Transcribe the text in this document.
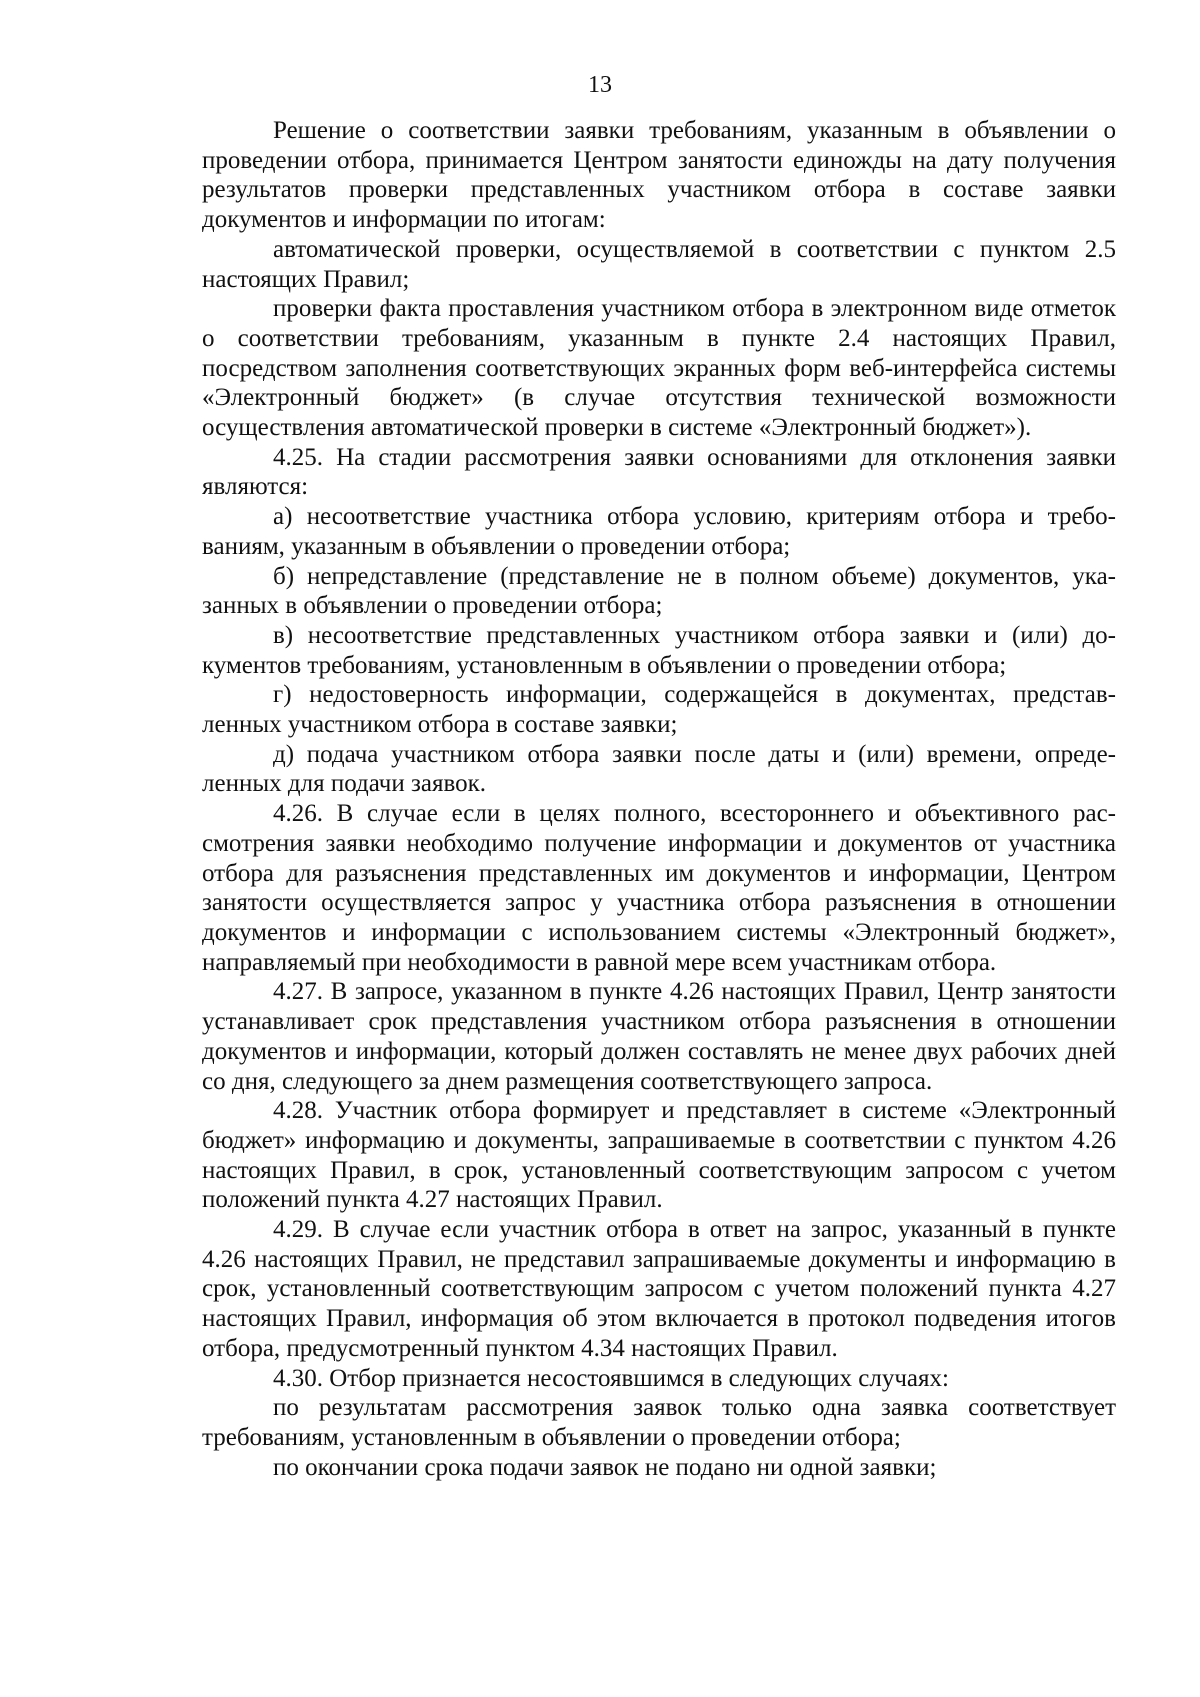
13

Решение о соответствии заявки требованиям, указанным в объявлении о проведении отбора, принимается Центром занятости единожды на дату получения результатов проверки представленных участником отбора в составе заявки документов и информации по итогам:

автоматической проверки, осуществляемой в соответствии с пунктом 2.5 настоящих Правил;

проверки факта проставления участником отбора в электронном виде отметок о соответствии требованиям, указанным в пункте 2.4 настоящих Правил, посредством заполнения соответствующих экранных форм веб-интерфейса системы «Электронный бюджет» (в случае отсутствия технической возможности осуществления автоматической проверки в системе «Электронный бюджет»).

4.25. На стадии рассмотрения заявки основаниями для отклонения заявки являются:

а) несоответствие участника отбора условию, критериям отбора и требованиям, указанным в объявлении о проведении отбора;

б) непредставление (представление не в полном объеме) документов, указанных в объявлении о проведении отбора;

в) несоответствие представленных участником отбора заявки и (или) документов требованиям, установленным в объявлении о проведении отбора;

г) недостоверность информации, содержащейся в документах, представленных участником отбора в составе заявки;

д) подача участником отбора заявки после даты и (или) времени, определенных для подачи заявок.

4.26. В случае если в целях полного, всестороннего и объективного рассмотрения заявки необходимо получение информации и документов от участника отбора для разъяснения представленных им документов и информации, Центром занятости осуществляется запрос у участника отбора разъяснения в отношении документов и информации с использованием системы «Электронный бюджет», направляемый при необходимости в равной мере всем участникам отбора.

4.27. В запросе, указанном в пункте 4.26 настоящих Правил, Центр занятости устанавливает срок представления участником отбора разъяснения в отношении документов и информации, который должен составлять не менее двух рабочих дней со дня, следующего за днем размещения соответствующего запроса.

4.28. Участник отбора формирует и представляет в системе «Электронный бюджет» информацию и документы, запрашиваемые в соответствии с пунктом 4.26 настоящих Правил, в срок, установленный соответствующим запросом с учетом положений пункта 4.27 настоящих Правил.

4.29. В случае если участник отбора в ответ на запрос, указанный в пункте 4.26 настоящих Правил, не представил запрашиваемые документы и информацию в срок, установленный соответствующим запросом с учетом положений пункта 4.27 настоящих Правил, информация об этом включается в протокол подведения итогов отбора, предусмотренный пунктом 4.34 настоящих Правил.

4.30. Отбор признается несостоявшимся в следующих случаях:

по результатам рассмотрения заявок только одна заявка соответствует требованиям, установленным в объявлении о проведении отбора;

по окончании срока подачи заявок не подано ни одной заявки;
